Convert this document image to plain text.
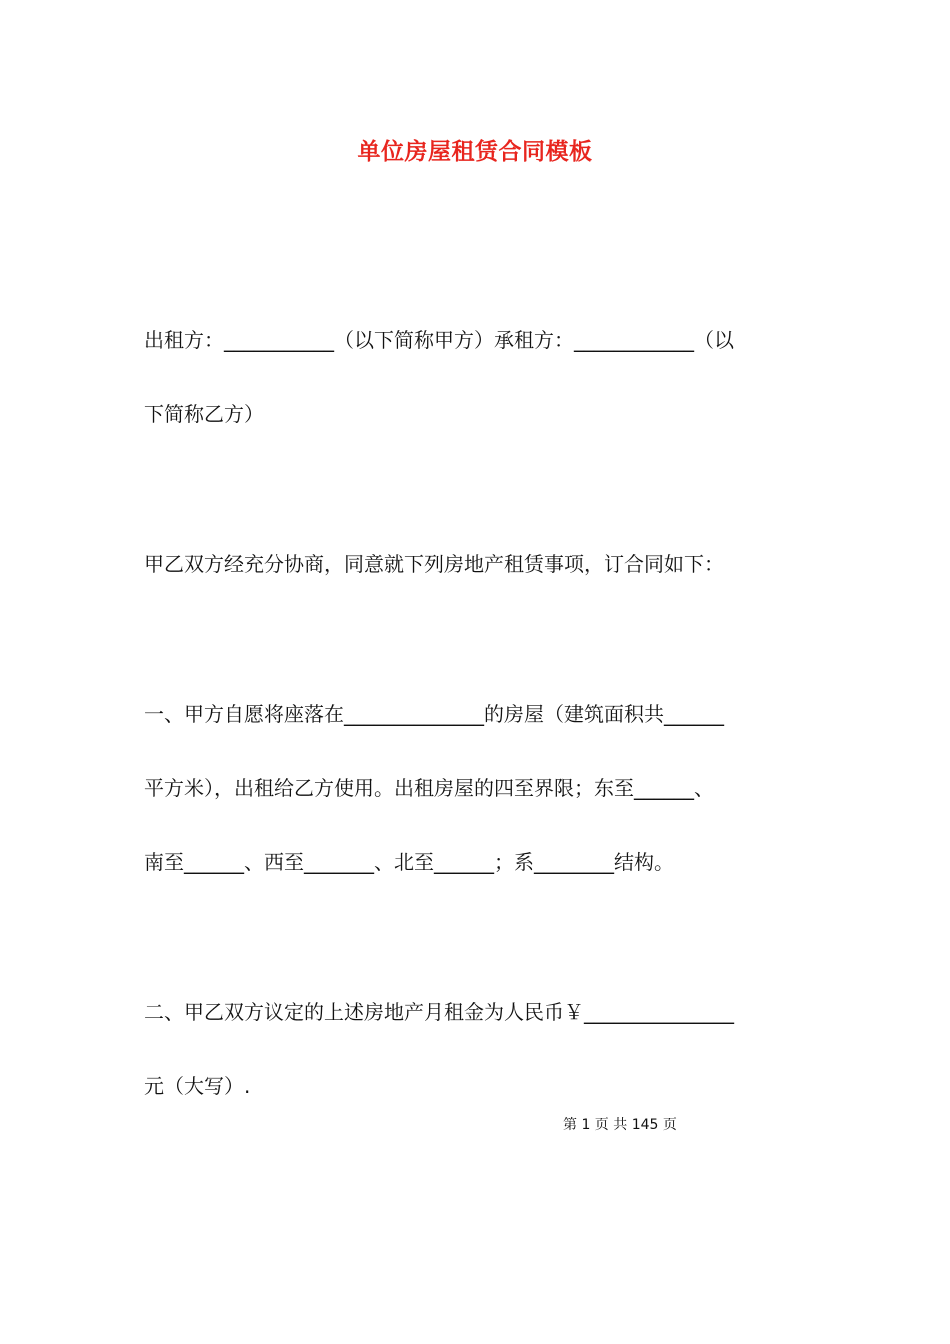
单位房屋租赁合同模板
出租方：___________（以下简称甲方）承租方：____________（以
下简称乙方）
甲乙双方经充分协商，同意就下列房地产租赁事项，订合同如下：
一、甲方自愿将座落在______________的房屋（建筑面积共______
平方米），出租给乙方使用。出租房屋的四至界限；东至______、
南至______、西至_______、北至______；系________结构。
二、甲乙双方议定的上述房地产月租金为人民币￥_______________
元（大写）.
第 1 页 共 145 页
